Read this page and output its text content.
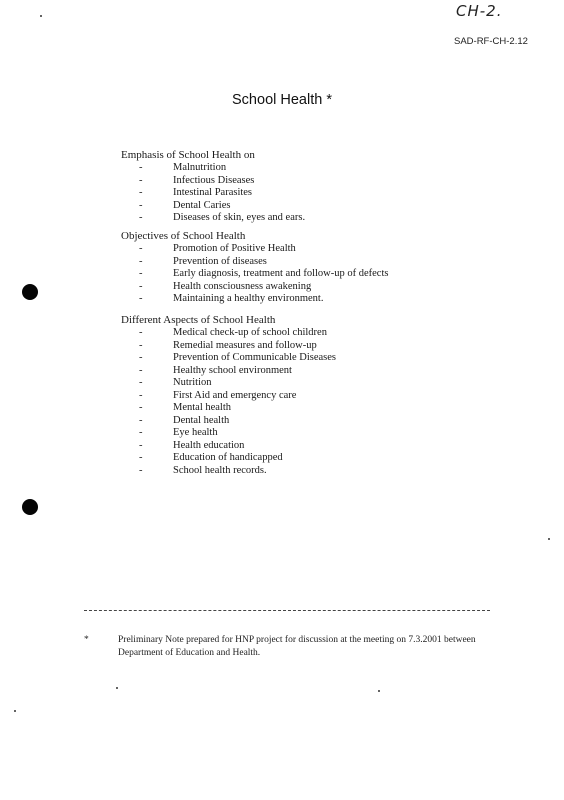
CH-2.
SAD-RF-CH-2.12
School Health *
Emphasis of School Health on
-	Malnutrition
-	Infectious Diseases
-	Intestinal Parasites
-	Dental Caries
-	Diseases of skin, eyes and ears.
Objectives of School Health
-	Promotion of Positive Health
-	Prevention of diseases
-	Early diagnosis, treatment and follow-up of defects
-	Health consciousness awakening
-	Maintaining a healthy environment.
Different Aspects of School Health
-	Medical check-up of school children
-	Remedial measures and follow-up
-	Prevention of Communicable Diseases
-	Healthy school environment
-	Nutrition
-	First Aid and emergency care
-	Mental health
-	Dental health
-	Eye health
-	Health education
-	Education of handicapped
-	School health records.
*	Preliminary Note prepared for HNP project for discussion at the meeting on 7.3.2001 between
Department of Education and Health.
